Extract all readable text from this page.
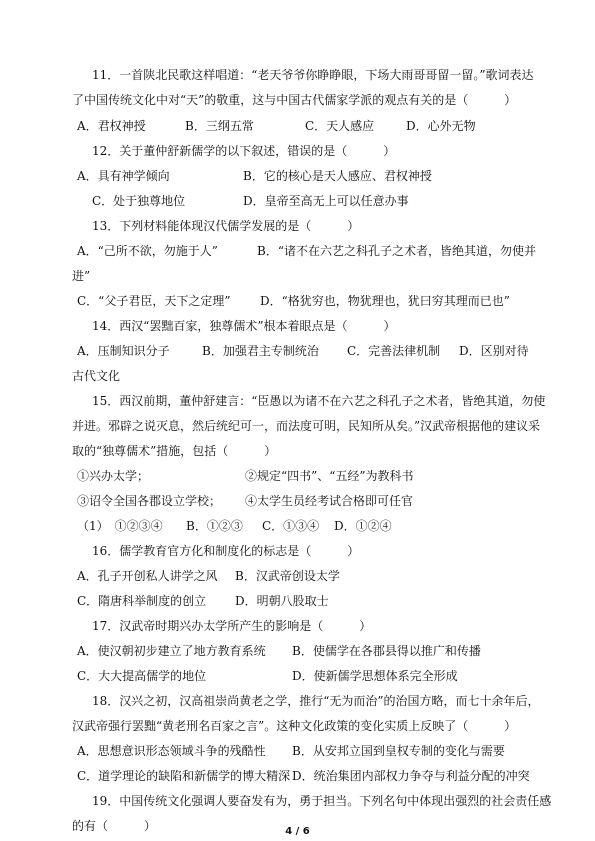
11．一首陕北民歌这样唱道：“老天爷爷你睁睁眼，下场大雨哥哥留一留。”歌词表达
了中国传统文化中对“天”的敬重，这与中国古代儒家学派的观点有关的是（　　　）
A．君权神授	B．三纲五常	C．天人感应	D．心外无物
12．关于董仲舒新儒学的以下叙述，错误的是（　　　）
A．具有神学倾向	B．它的核心是天人感应、君权神授
C．处于独尊地位	D．皇帝至高无上可以任意办事
13．下列材料能体现汉代儒学发展的是（　　　）
A．“己所不欲，勿施于人”	B．“诸不在六艺之科孔子之术者，皆绝其道，勿使并
进”
C．“父子君臣，天下之定理” D．“格犹穷也，物犹理也，犹曰穷其理而已也”
14．西汉“罢黜百家，独尊儒术”根本着眼点是（　　　）
A．压制知识分子	B．加强君主专制统治 C．完善法律机制 D．区别对待
古代文化
15．西汉前期，董仲舒建言：“臣愚以为诸不在六艺之科孔子之术者，皆绝其道，勿使
并进。邪辟之说灭息，然后统纪可一，而法度可明，民知所从矣。”汉武帝根据他的建议采
取的“独尊儒术”措施，包括（　　　）
①兴办太学；	②规定“四书”、“五经”为教科书
③诏令全国各郡设立学校； ④太学生员经考试合格即可任官
（1）　①②③④ B．①②③ C．①③④ D．①②④
16．儒学教育官方化和制度化的标志是（　　　）
A．孔子开创私人讲学之风 B．汉武帝创设太学
C．隋唐科举制度的创立 D．明朝八股取士
17．汉武帝时期兴办太学所产生的影响是（　　　）
A．使汉朝初步建立了地方教育系统 B．使儒学在各郡县得以推广和传播
C．大大提高儒学的地位	D．使新儒学思想体系完全形成
18．汉兴之初，汉高祖崇尚黄老之学，推行“无为而治”的治国方略，而七十余年后，
汉武帝强行罢黜“黄老刑名百家之言”。这种文化政策的变化实质上反映了（　　　）
A．思想意识形态领域斗争的残酷性 B．从安邦立国到皇权专制的变化与需要
C．道学理论的缺陷和新儒学的博大精深 D．统治集团内部权力争夺与利益分配的冲突
19．中国传统文化强调人要奋发有为，勇于担当。下列名句中体现出强烈的社会责任感
的有（　　　）	4 / 6
